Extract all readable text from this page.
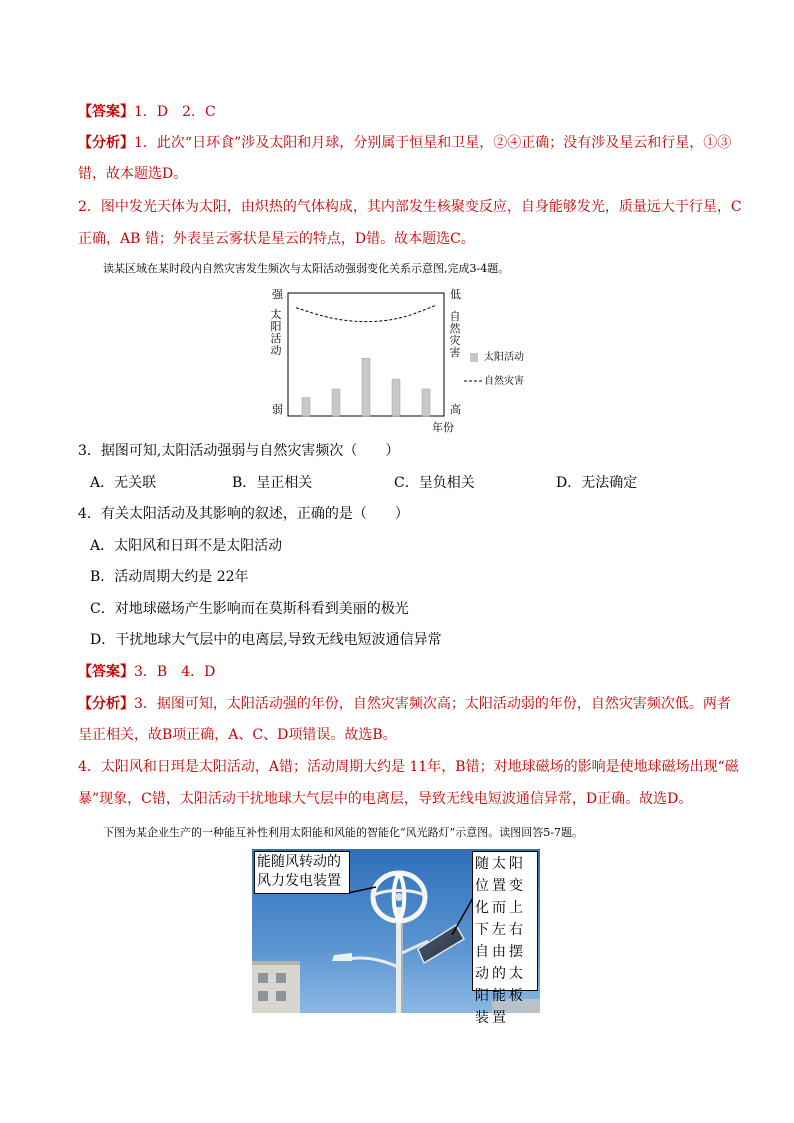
【答案】1．D　2．C
【分析】1．此次“日环食”涉及太阳和月球，分别属于恒星和卫星，②④正确；没有涉及星云和行星，①③
错，故本题选D。
2．图中发光天体为太阳，由炽热的气体构成，其内部发生核聚变反应，自身能够发光，质量远大于行星，C
正确，AB 错；外表呈云雾状是星云的特点，D错。故本题选C。
读某区域在某时段内自然灾害发生频次与太阳活动强弱变化关系示意图,完成3-4题。
强
太阳活动
弱
低
自然灾害
高
年份
太阳活动
自然灾害
3．据图可知,太阳活动强弱与自然灾害频次（　　）
A．无关联	B．呈正相关	C．呈负相关	D．无法确定
4．有关太阳活动及其影响的叙述，正确的是（　　）
A．太阳风和日珥不是太阳活动
B．活动周期大约是 22年
C．对地球磁场产生影响而在莫斯科看到美丽的极光
D．干扰地球大气层中的电离层,导致无线电短波通信异常
【答案】3．B　4．D
【分析】3．据图可知，太阳活动强的年份，自然灾害频次高；太阳活动弱的年份，自然灾害频次低。两者
呈正相关，故B项正确，A、C、D项错误。故选B。
4．太阳风和日珥是太阳活动，A错；活动周期大约是 11年，B错；对地球磁场的影响是使地球磁场出现“磁
暴”现象，C错，太阳活动干扰地球大气层中的电离层，导致无线电短波通信异常，D正确。故选D。
下图为某企业生产的一种能互补性利用太阳能和风能的智能化“风光路灯”示意图。读图回答5-7题。
能随风转动的风力发电装置
随太阳位置变化而上下左右自由摆动的太阳能板装置
